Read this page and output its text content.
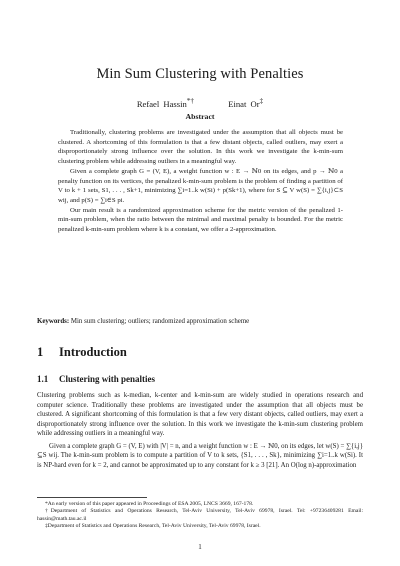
Min Sum Clustering with Penalties
Refael Hassin*†	Einat Or‡
Abstract

Traditionally, clustering problems are investigated under the assumption that all objects must be clustered. A shortcoming of this formulation is that a few distant objects, called outliers, may exert a disproportionately strong influence over the solution. In this work we investigate the k-min-sum clustering problem while addressing outliers in a meaningful way.

Given a complete graph G = (V, E), a weight function w : E → ℕ0 on its edges, and p → ℕ0 a penalty function on its vertices, the penalized k-min-sum problem is the problem of finding a partition of V to k + 1 sets, S1, . . . , Sk+1, minimizing ∑i=1..k w(Si) + p(Sk+1), where for S ⊆ V w(S) = ∑{i,j}⊂S wij, and p(S) = ∑i∈S pi.

Our main result is a randomized approximation scheme for the metric version of the penalized 1-min-sum problem, when the ratio between the minimal and maximal penalty is bounded. For the metric penalized k-min-sum problem where k is a constant, we offer a 2-approximation.

Keywords: Min sum clustering; outliers; randomized approximation scheme
1 Introduction
1.1 Clustering with penalties

Clustering problems such as k-median, k-center and k-min-sum are widely studied in operations research and computer science. Traditionally these problems are investigated under the assumption that all objects must be clustered. A significant shortcoming of this formulation is that a few very distant objects, called outliers, may exert a disproportionately strong influence over the solution. In this work we investigate the k-min-sum clustering problem while addressing outliers in a meaningful way.

Given a complete graph G = (V, E) with |V| = n, and a weight function w : E → ℕ0, on its edges, let w(S) = ∑{i,j}⊆S wij. The k-min-sum problem is to compute a partition of V to k sets, {S1, . . . , Sk}, minimizing ∑i=1..k w(Si). It is NP-hard even for k = 2, and cannot be approximated up to any constant for k ≥ 3 [21]. An O(log n)-approximation

*An early version of this paper appeared in Proceedings of ESA 2005, LNCS 3669, 167-178.

†Department of Statistics and Operations Research, Tel-Aviv University, Tel-Aviv 69978, Israel. Tel: +97236409281 Email: hassin@math.tau.ac.il

‡Department of Statistics and Operations Research, Tel-Aviv University, Tel-Aviv 69978, Israel.

1
